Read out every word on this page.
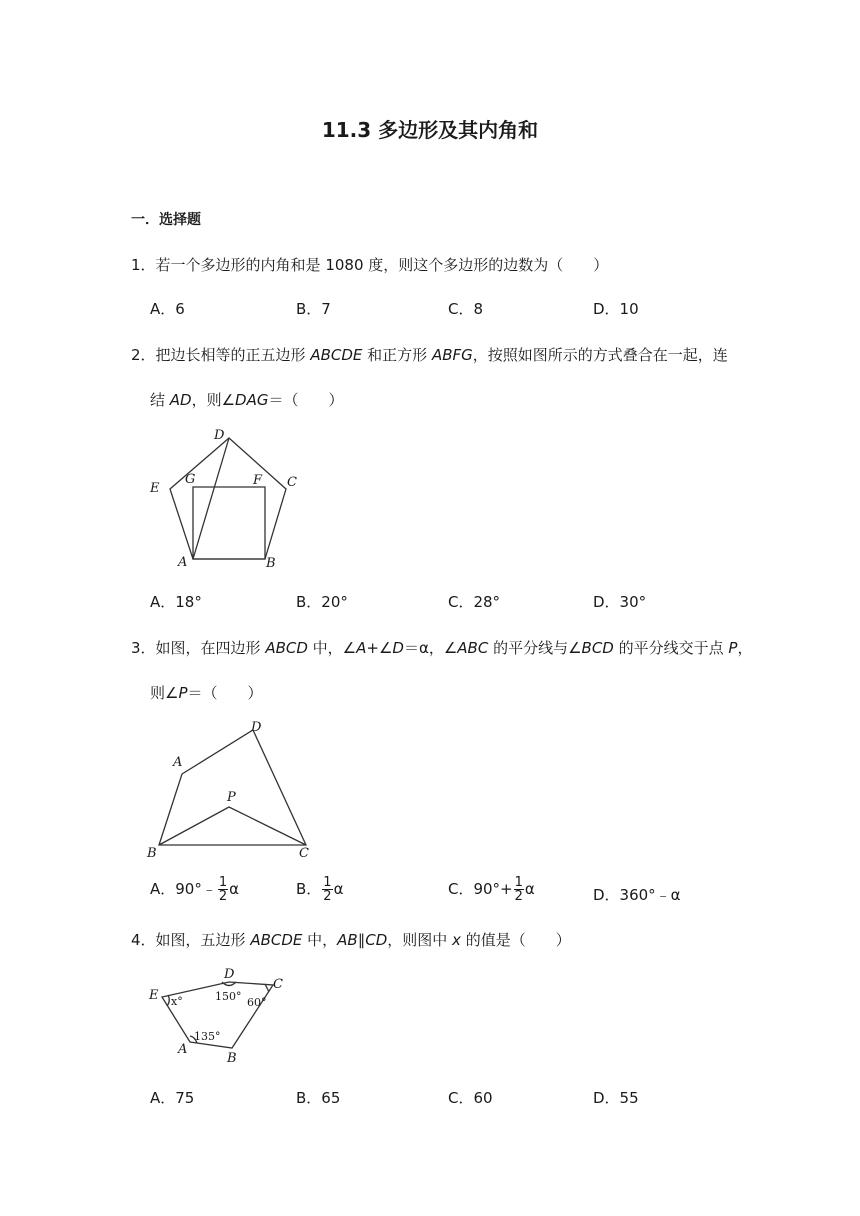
11.3 多边形及其内角和
一．选择题
1．若一个多边形的内角和是 1080 度，则这个多边形的边数为（　　）
A．6	B．7	C．8	D．10
2．把边长相等的正五边形 ABCDE 和正方形 ABFG，按照如图所示的方式叠合在一起，连
结 AD，则∠DAG＝（　　）
A	B
C
D
E
F
G
A．18°	B．20°	C．28°	D．30°
3．如图，在四边形 ABCD 中，∠A+∠D＝α，∠ABC 的平分线与∠BCD 的平分线交于点 P，
则∠P＝（　　）
A
B	C
D
P
A．90°﹣ $\frac{1}{2}$ α	B． $\frac{1}{2}$ α	C．$90^\circ+ \frac{1}{2}$ α	D．360°﹣α
4．如图，五边形 ABCDE 中，AB∥CD，则图中 x 的值是（　　）
A
B
C
D
E x°	150° 60°
135°
A．75	B．65	C．60	D．55
